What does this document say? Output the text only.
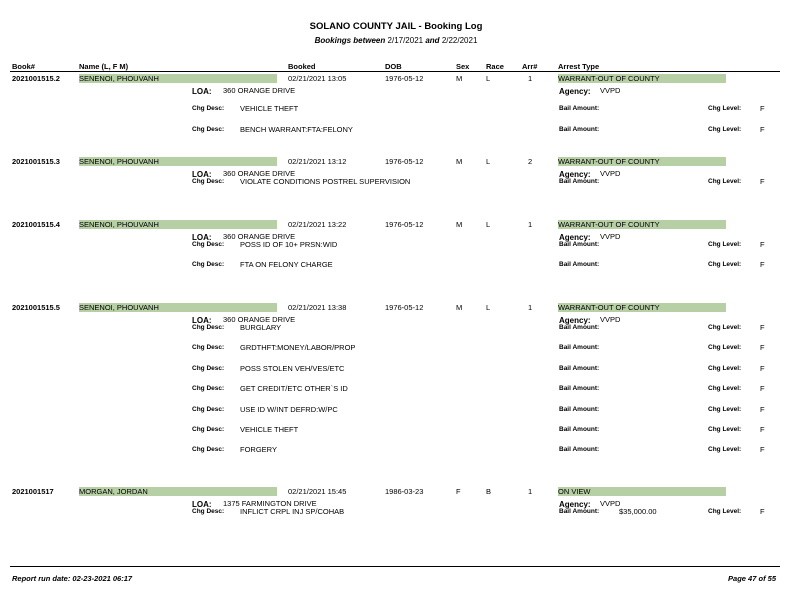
SOLANO COUNTY JAIL - Booking Log
Bookings between 2/17/2021 and 2/22/2021
Book#	Name (L, F M)	Booked	DOB	Sex Race Arr#	Arrest Type
2021001515.2	SENENOI, PHOUVANH	02/21/2021 13:05	1976-05-12	M	L	1	WARRANT-OUT OF COUNTY
LOA: 360 ORANGE DRIVE	Agency: VVPD
Chg Desc: VEHICLE THEFT	Bail Amount:	Chg Level:	F
Chg Desc: BENCH WARRANT:FTA:FELONY	Bail Amount:	Chg Level:	F
2021001515.3	SENENOI, PHOUVANH	02/21/2021 13:12	1976-05-12	M	L	2	WARRANT-OUT OF COUNTY
LOA: 360 ORANGE DRIVE	Agency: VVPD
Chg Desc: VIOLATE CONDITIONS POSTREL SUPERVISION	Bail Amount:	Chg Level:	F
2021001515.4	SENENOI, PHOUVANH	02/21/2021 13:22	1976-05-12	M	L	1	WARRANT-OUT OF COUNTY
LOA: 360 ORANGE DRIVE	Agency: VVPD
Chg Desc: POSS ID OF 10+ PRSN:WID	Bail Amount:	Chg Level:	F
Chg Desc: FTA ON FELONY CHARGE	Bail Amount:	Chg Level:	F
2021001515.5	SENENOI, PHOUVANH	02/21/2021 13:38	1976-05-12	M	L	1	WARRANT-OUT OF COUNTY
LOA: 360 ORANGE DRIVE	Agency: VVPD
Chg Desc: BURGLARY	Bail Amount:	Chg Level:	F
Chg Desc: GRDTHFT:MONEY/LABOR/PROP	Bail Amount:	Chg Level:	F
Chg Desc: POSS STOLEN VEH/VES/ETC	Bail Amount:	Chg Level:	F
Chg Desc: GET CREDIT/ETC OTHER`S ID	Bail Amount:	Chg Level:	F
Chg Desc: USE ID W/INT DEFRD:W/PC	Bail Amount:	Chg Level:	F
Chg Desc: VEHICLE THEFT	Bail Amount:	Chg Level:	F
Chg Desc: FORGERY	Bail Amount:	Chg Level:	F
2021001517	MORGAN, JORDAN	02/21/2021 15:45	1986-03-23	F	B	1	ON VIEW
LOA: 1375 FARMINGTON DRIVE	Agency: VVPD
Chg Desc: INFLICT CRPL INJ SP/COHAB	Bail Amount:	$35,000.00	Chg Level:	F
Report run date: 02-23-2021 06:17	Page 47 of 55
